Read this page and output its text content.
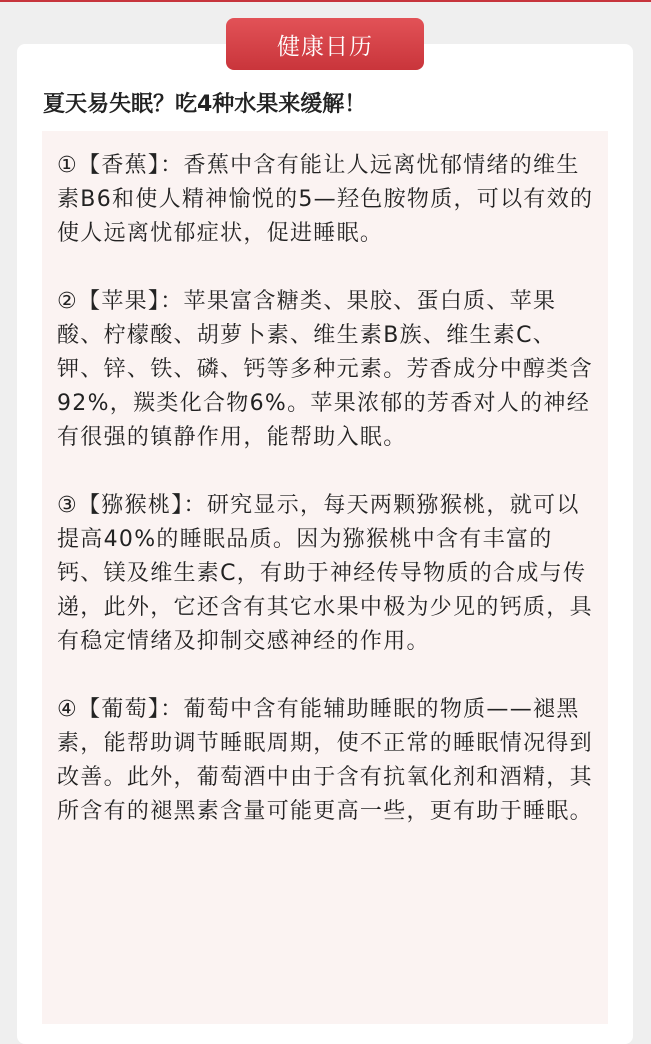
健康日历
夏天易失眠？吃4种水果来缓解！

①【香蕉】：香蕉中含有能让人远离忧郁情绪的维生素B6和使人精神愉悦的5—羟色胺物质，可以有效的使人远离忧郁症状，促进睡眠。

②【苹果】：苹果富含糖类、果胶、蛋白质、苹果酸、柠檬酸、胡萝卜素、维生素B族、维生素C、钾、锌、铁、磷、钙等多种元素。芳香成分中醇类含92%，羰类化合物6%。苹果浓郁的芳香对人的神经有很强的镇静作用，能帮助入眠。

③【猕猴桃】：研究显示，每天两颗猕猴桃，就可以提高40%的睡眠品质。因为猕猴桃中含有丰富的钙、镁及维生素C，有助于神经传导物质的合成与传递，此外，它还含有其它水果中极为少见的钙质，具有稳定情绪及抑制交感神经的作用。

④【葡萄】：葡萄中含有能辅助睡眠的物质——褪黑素，能帮助调节睡眠周期，使不正常的睡眠情况得到改善。此外，葡萄酒中由于含有抗氧化剂和酒精，其所含有的褪黑素含量可能更高一些，更有助于睡眠。
